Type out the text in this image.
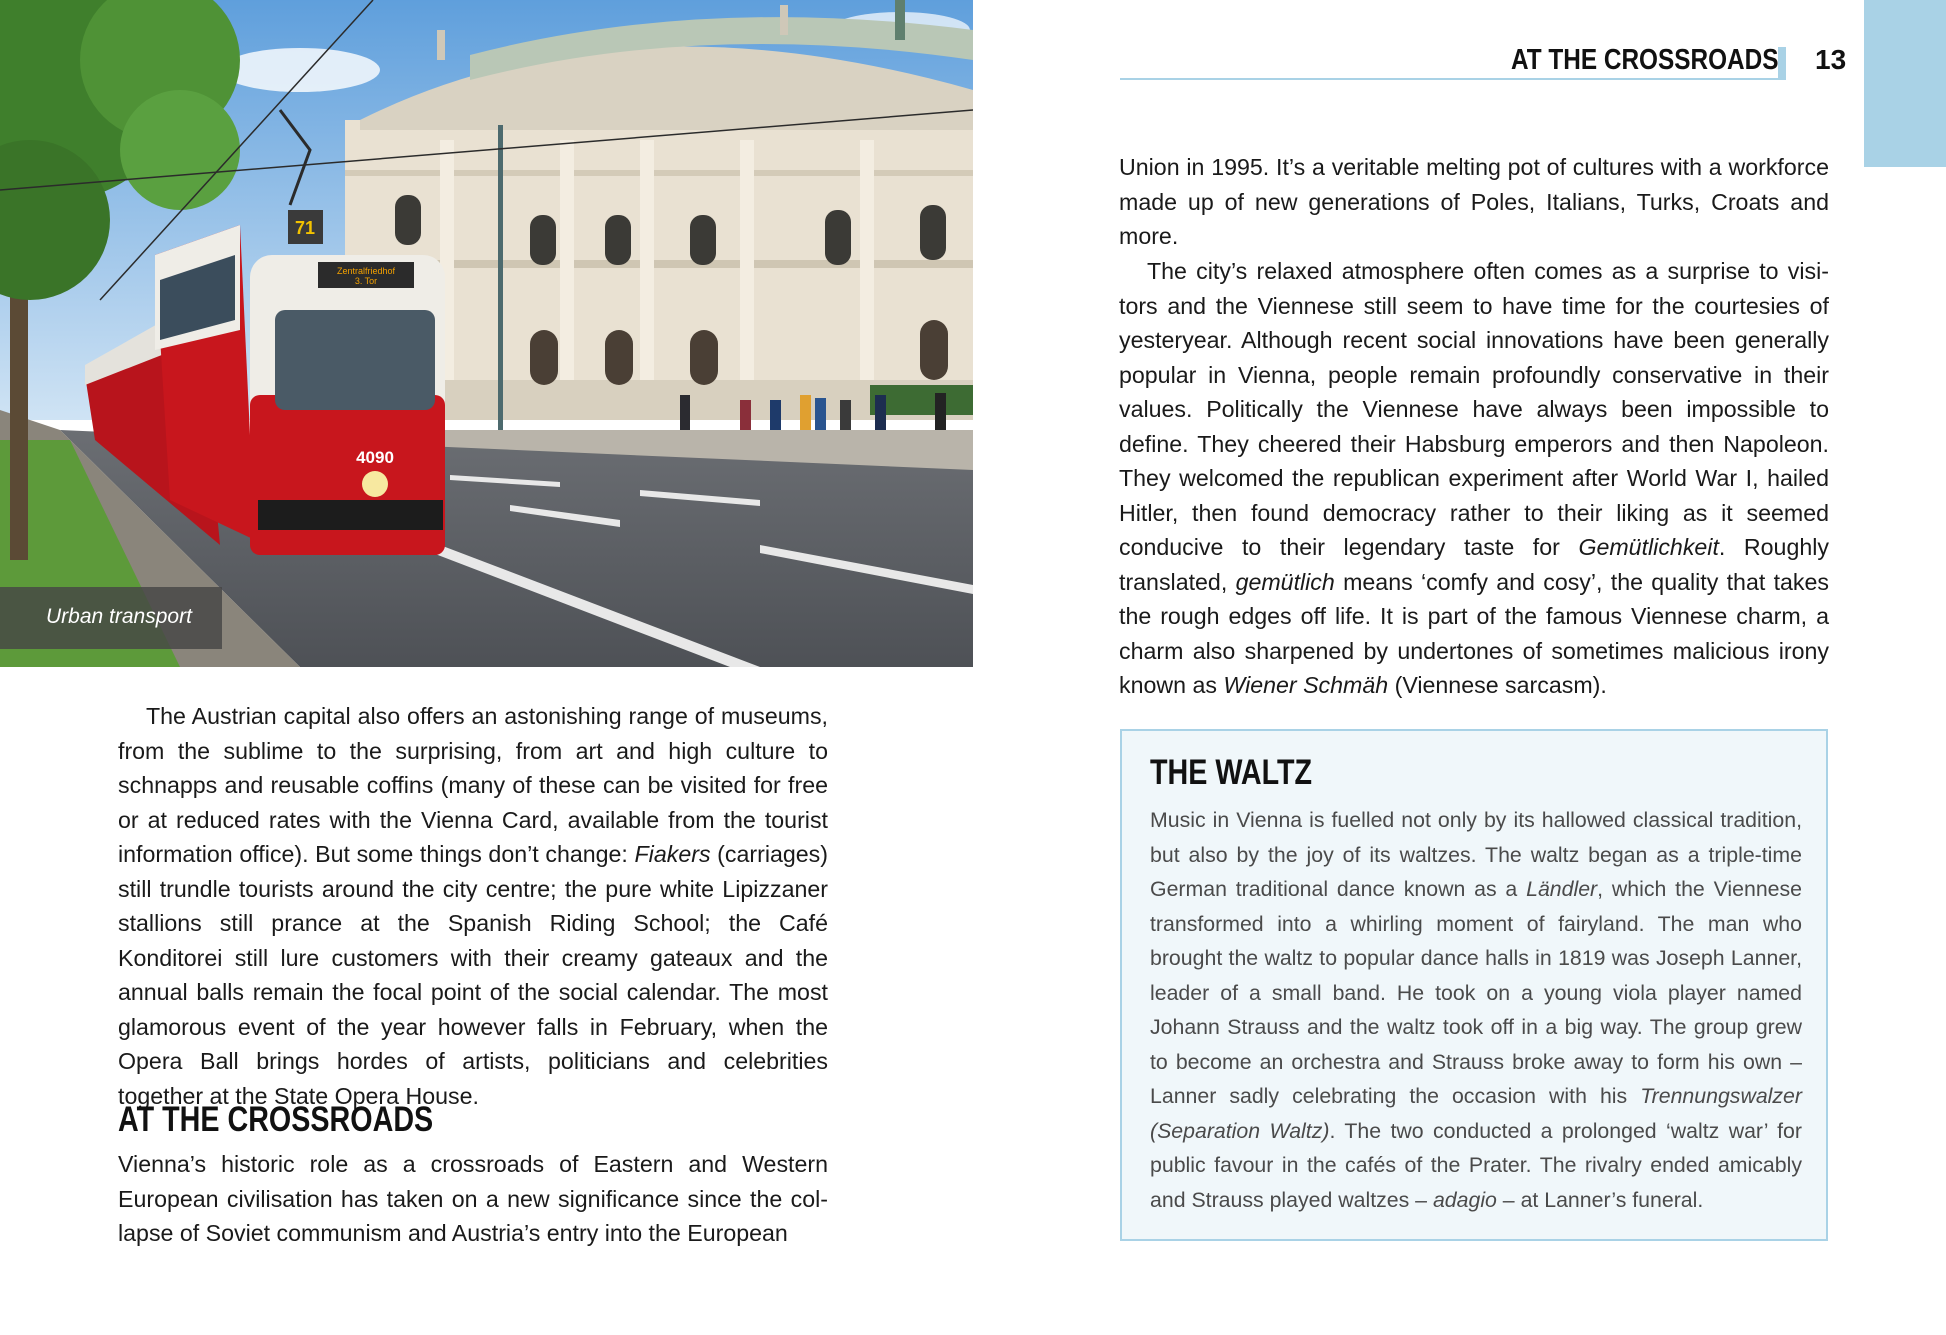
4090
71
Zentralfriedhof
3. Tor
Urban transport
AT THE CROSSROADS 13

The Austrian capital also offers an astonishing range of museums, from the sublime to the surprising, from art and high culture to schnapps and reusable coffins (many of these can be visited for free or at reduced rates with the Vienna Card, available from the tourist information office). But some things don’t change: Fiakers (carriages) still trundle tourists around the city centre; the pure white Lipizzaner stallions still prance at the Spanish Riding School; the Café Konditorei still lure customers with their creamy gateaux and the annual balls remain the focal point of the social calendar. The most glamorous event of the year however falls in February, when the Opera Ball brings hordes of artists, politicians and celebrities together at the State Opera House.

AT THE CROSSROADS

Vienna’s historic role as a crossroads of Eastern and Western European civilisation has taken on a new significance since the collapse of Soviet communism and Austria’s entry into the European

Union in 1995. It’s a veritable melting pot of cultures with a workforce made up of new generations of Poles, Italians, Turks, Croats and more.

The city’s relaxed atmosphere often comes as a surprise to visitors and the Viennese still seem to have time for the courtesies of yesteryear. Although recent social innovations have been generally popular in Vienna, people remain profoundly conservative in their values. Politically the Viennese have always been impossible to define. They cheered their Habsburg emperors and then Napoleon. They welcomed the republican experiment after World War I, hailed Hitler, then found democracy rather to their liking as it seemed conducive to their legendary taste for Gemütlichkeit. Roughly translated, gemütlich means ‘comfy and cosy’, the quality that takes the rough edges off life. It is part of the famous Viennese charm, a charm also sharpened by undertones of sometimes malicious irony known as Wiener Schmäh (Viennese sarcasm).

THE WALTZ

Music in Vienna is fuelled not only by its hallowed classical tradition, but also by the joy of its waltzes. The waltz began as a triple-time German traditional dance known as a Ländler, which the Viennese transformed into a whirling moment of fairyland. The man who brought the waltz to popular dance halls in 1819 was Joseph Lanner, leader of a small band. He took on a young viola player named Johann Strauss and the waltz took off in a big way. The group grew to become an orchestra and Strauss broke away to form his own – Lanner sadly celebrating the occasion with his Trennungswalzer (Separation Waltz). The two conducted a prolonged ‘waltz war’ for public favour in the cafés of the Prater. The rivalry ended amicably and Strauss played waltzes – adagio – at Lanner’s funeral.
